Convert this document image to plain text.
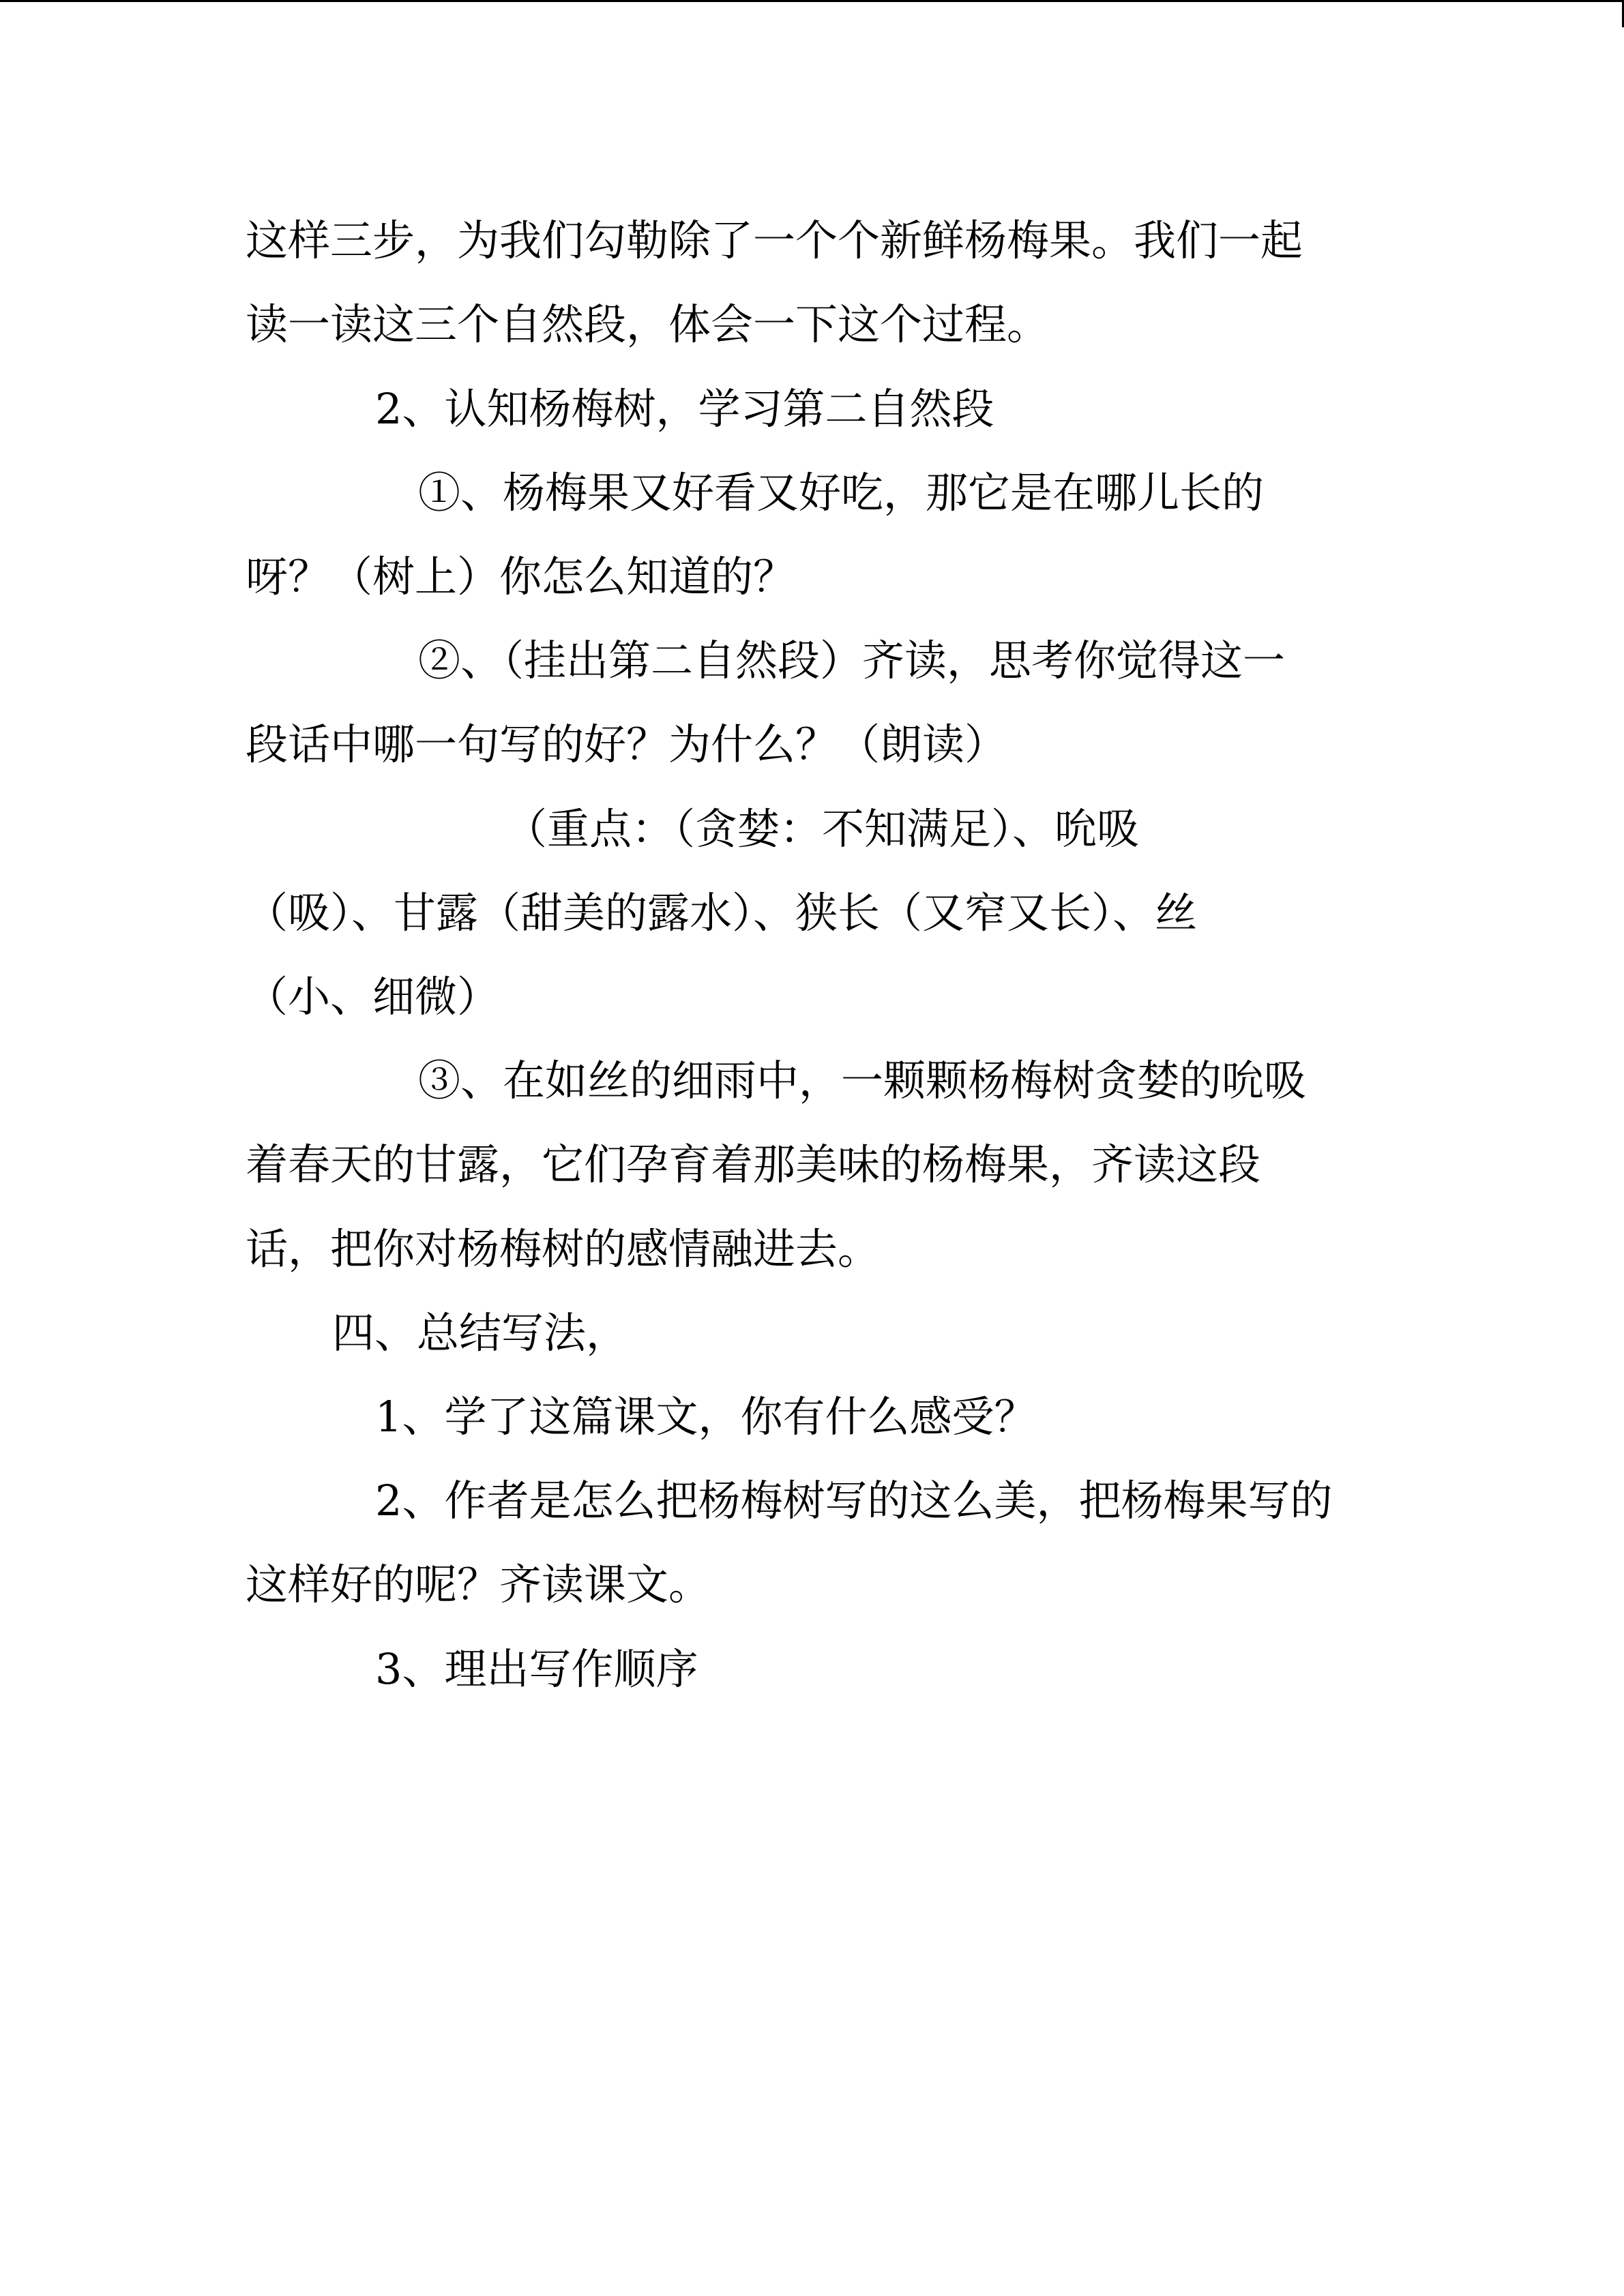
这样三步，为我们勾勒除了一个个新鲜杨梅果。我们一起
读一读这三个自然段，体会一下这个过程。
2、认知杨梅树，学习第二自然段
①、杨梅果又好看又好吃，那它是在哪儿长的
呀？（树上）你怎么知道的？
②、（挂出第二自然段）齐读，思考你觉得这一
段话中哪一句写的好？为什么？（朗读）
（重点：（贪婪：不知满足）、吮吸
（吸）、甘露（甜美的露水）、狭长（又窄又长）、丝
（小、细微）
③、在如丝的细雨中，一颗颗杨梅树贪婪的吮吸
着春天的甘露，它们孕育着那美味的杨梅果，齐读这段
话，把你对杨梅树的感情融进去。
四、总结写法，
1、学了这篇课文，你有什么感受？
2、作者是怎么把杨梅树写的这么美，把杨梅果写的
这样好的呢？齐读课文。
3、理出写作顺序
